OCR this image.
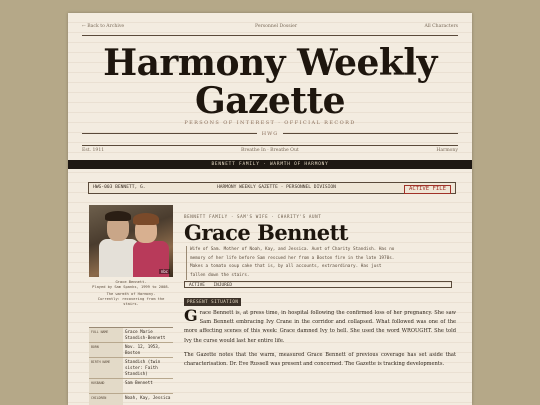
← Back to Archive	Personnel Dossier	All Characters
Harmony Weekly
Gazette
PERSONS OF INTEREST · OFFICIAL RECORD
HWG
Est. 1911	Breathe In · Breathe Out	Harmony
BENNETT FAMILY · WARMTH OF HARMONY
HWG-003 BENNETT, G.	HARMONY WEEKLY GAZETTE · PERSONNEL DIVISION	ACTIVE FILE
nbc
Grace Bennett.
Played by Sam Spanks, 1999 to 2008.
The warmth of Harmony.
Currently: recovering from the stairs.
FULL NAME	Grace Marie Standish-Bennett
BORN	Nov. 12, 1953, Boston
BIRTH NAME	Standish (twin sister: Faith Standish)
HUSBAND	Sam Bennett
CHILDREN	Noah, Kay, Jessica
BENNETT FAMILY · SAM'S WIFE · CHARITY'S AUNT
Grace Bennett
Wife of Sam. Mother of Noah, Kay, and Jessica. Aunt of Charity Standish. Has no memory of her life before Sam rescued her from a Boston fire in the late 1970s. Makes a tomato soup cake that is, by all accounts, extraordinary. Has just fallen down the stairs.
ACTIVE INJURED
PRESENT SITUATION

Grace Bennett is, at press time, in hospital following the confirmed loss of her pregnancy. She saw Sam Bennett embracing Ivy Crane in the corridor and collapsed. What followed was one of the more affecting scenes of this week: Grace damned Ivy to hell. She used the word WROUGHT. She told Ivy the curse would last her entire life.

The Gazette notes that the warm, measured Grace Bennett of previous coverage has set aside that characterisation. Dr. Eve Russell was present and concerned. The Gazette is tracking developments.
